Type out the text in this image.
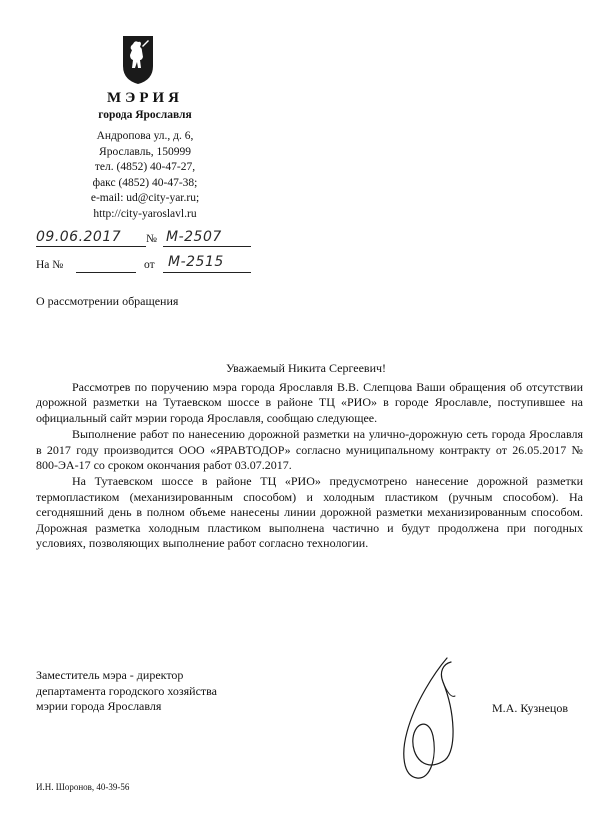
МЭРИЯ
города Ярославля
Андропова ул., д. 6,
Ярославль, 150999
тел. (4852) 40-47-27,
факс (4852) 40-47-38;
e-mail: ud@city-yar.ru;
http://city-yaroslavl.ru
09.06.2017 № М-2507
На №	от М-2515
О рассмотрении обращения
Уважаемый Никита Сергеевич!

Рассмотрев по поручению мэра города Ярославля В.В. Слепцова Ваши обращения об отсутствии дорожной разметки на Тутаевском шоссе в районе ТЦ «РИО» в городе Ярославле, поступившее на официальный сайт мэрии города Ярославля, сообщаю следующее.

Выполнение работ по нанесению дорожной разметки на улично-дорожную сеть города Ярославля в 2017 году производится ООО «ЯРАВТОДОР» согласно муниципальному контракту от 26.05.2017 № 800-ЭА-17 со сроком окончания работ 03.07.2017.

На Тутаевском шоссе в районе ТЦ «РИО» предусмотрено нанесение дорожной разметки термопластиком (механизированным способом) и холодным пластиком (ручным способом). На сегодняшний день в полном объеме нанесены линии дорожной разметки механизированным способом. Дорожная разметка холодным пластиком выполнена частично и будут продолжена при погодных условиях, позволяющих выполнение работ согласно технологии.

Заместитель мэра - директор
департамента городского хозяйства
мэрии города Ярославля	М.А. Кузнецов
И.Н. Шоронов, 40-39-56
